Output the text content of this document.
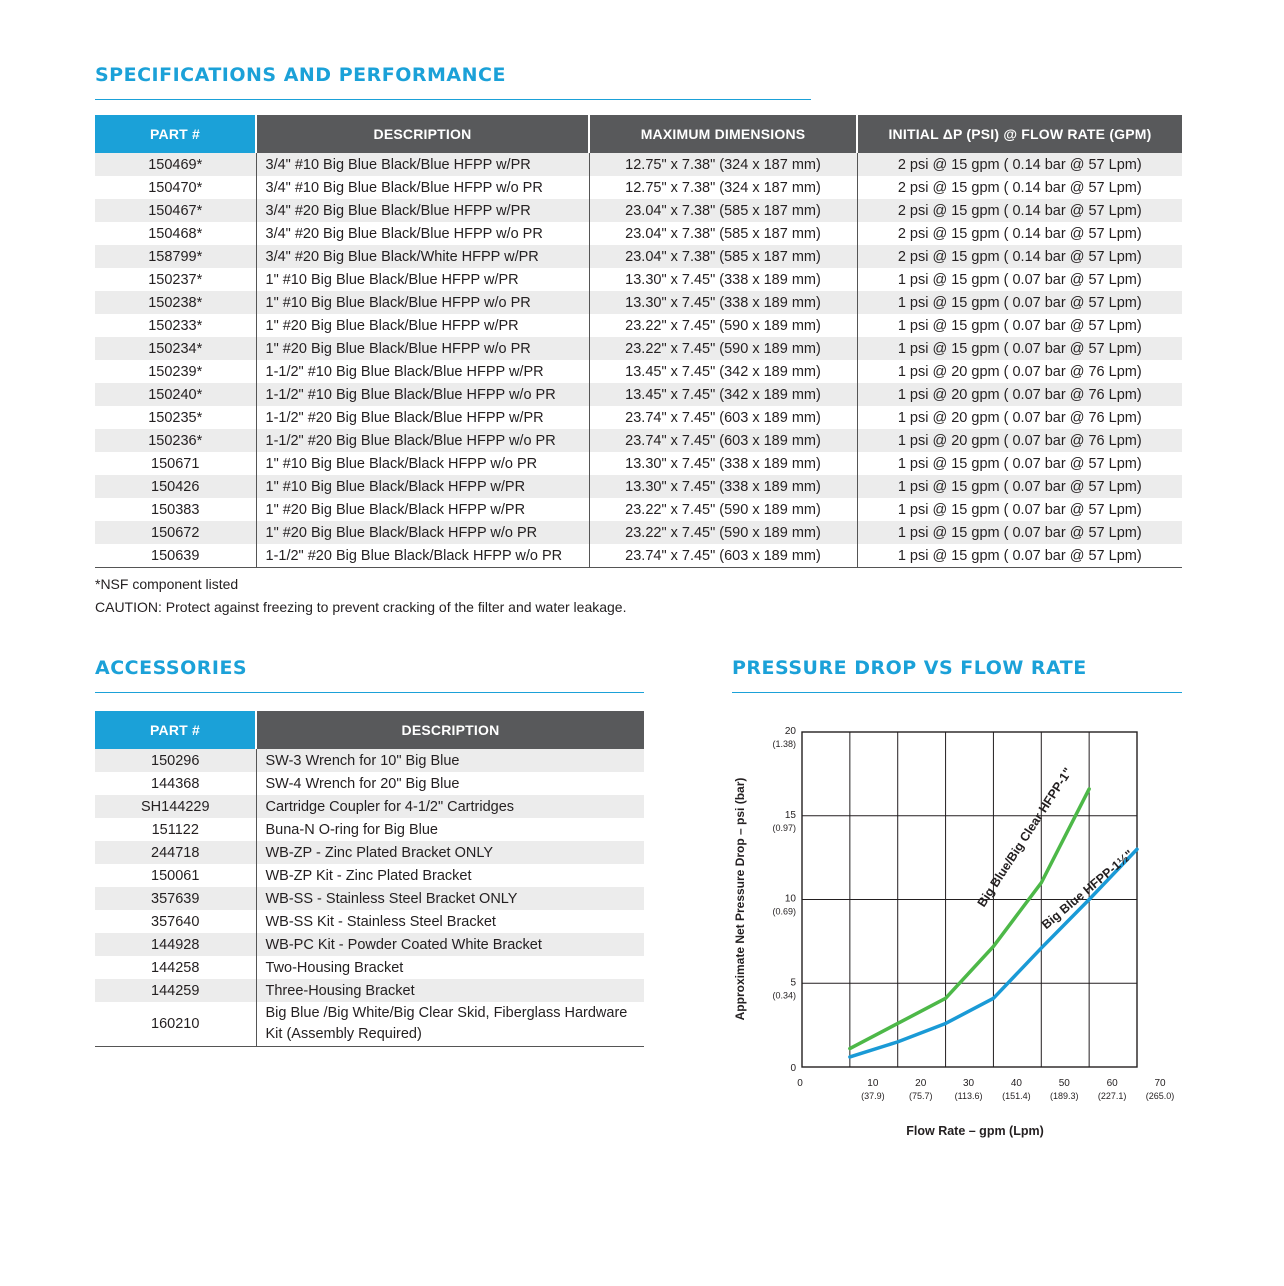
SPECIFICATIONS AND PERFORMANCE
PART #	DESCRIPTION	MAXIMUM DIMENSIONS	INITIAL ΔP (PSI) @ FLOW RATE (GPM)
150469*	3/4" #10 Big Blue Black/Blue HFPP w/PR	12.75" x 7.38" (324 x 187 mm)	2 psi @ 15 gpm ( 0.14 bar @ 57 Lpm)
150470*	3/4" #10 Big Blue Black/Blue HFPP w/o PR	12.75" x 7.38" (324 x 187 mm)	2 psi @ 15 gpm ( 0.14 bar @ 57 Lpm)
150467*	3/4" #20 Big Blue Black/Blue HFPP w/PR	23.04" x 7.38" (585 x 187 mm)	2 psi @ 15 gpm ( 0.14 bar @ 57 Lpm)
150468*	3/4" #20 Big Blue Black/Blue HFPP w/o PR	23.04" x 7.38" (585 x 187 mm)	2 psi @ 15 gpm ( 0.14 bar @ 57 Lpm)
158799*	3/4" #20 Big Blue Black/White HFPP w/PR	23.04" x 7.38" (585 x 187 mm)	2 psi @ 15 gpm ( 0.14 bar @ 57 Lpm)
150237*	1" #10 Big Blue Black/Blue HFPP w/PR	13.30" x 7.45" (338 x 189 mm)	1 psi @ 15 gpm ( 0.07 bar @ 57 Lpm)
150238*	1" #10 Big Blue Black/Blue HFPP w/o PR	13.30" x 7.45" (338 x 189 mm)	1 psi @ 15 gpm ( 0.07 bar @ 57 Lpm)
150233*	1" #20 Big Blue Black/Blue HFPP w/PR	23.22" x 7.45" (590 x 189 mm)	1 psi @ 15 gpm ( 0.07 bar @ 57 Lpm)
150234*	1" #20 Big Blue Black/Blue HFPP w/o PR	23.22" x 7.45" (590 x 189 mm)	1 psi @ 15 gpm ( 0.07 bar @ 57 Lpm)
150239*	1-1/2" #10 Big Blue Black/Blue HFPP w/PR	13.45" x 7.45" (342 x 189 mm)	1 psi @ 20 gpm ( 0.07 bar @ 76 Lpm)
150240*	1-1/2" #10 Big Blue Black/Blue HFPP w/o PR	13.45" x 7.45" (342 x 189 mm)	1 psi @ 20 gpm ( 0.07 bar @ 76 Lpm)
150235*	1-1/2" #20 Big Blue Black/Blue HFPP w/PR	23.74" x 7.45" (603 x 189 mm)	1 psi @ 20 gpm ( 0.07 bar @ 76 Lpm)
150236*	1-1/2" #20 Big Blue Black/Blue HFPP w/o PR	23.74" x 7.45" (603 x 189 mm)	1 psi @ 20 gpm ( 0.07 bar @ 76 Lpm)
150671	1" #10 Big Blue Black/Black HFPP w/o PR	13.30" x 7.45" (338 x 189 mm)	1 psi @ 15 gpm ( 0.07 bar @ 57 Lpm)
150426	1" #10 Big Blue Black/Black HFPP w/PR	13.30" x 7.45" (338 x 189 mm)	1 psi @ 15 gpm ( 0.07 bar @ 57 Lpm)
150383	1" #20 Big Blue Black/Black HFPP w/PR	23.22" x 7.45" (590 x 189 mm)	1 psi @ 15 gpm ( 0.07 bar @ 57 Lpm)
150672	1" #20 Big Blue Black/Black HFPP w/o PR	23.22" x 7.45" (590 x 189 mm)	1 psi @ 15 gpm ( 0.07 bar @ 57 Lpm)
150639	1-1/2" #20 Big Blue Black/Black HFPP w/o PR	23.74" x 7.45" (603 x 189 mm)	1 psi @ 15 gpm ( 0.07 bar @ 57 Lpm)

*NSF component listed

CAUTION: Protect against freezing to prevent cracking of the filter and water leakage.

ACCESSORIES
PART #	DESCRIPTION
150296	SW-3 Wrench for 10" Big Blue
144368	SW-4 Wrench for 20" Big Blue
SH144229	Cartridge Coupler for 4-1/2" Cartridges
151122	Buna-N O-ring for Big Blue
244718	WB-ZP - Zinc Plated Bracket ONLY
150061	WB-ZP Kit - Zinc Plated Bracket
357639	WB-SS - Stainless Steel Bracket ONLY
357640	WB-SS Kit - Stainless Steel Bracket
144928	WB-PC Kit - Powder Coated White Bracket
144258	Two-Housing Bracket
144259	Three-Housing Bracket
160210	Big Blue /Big White/Big Clear Skid, Fiberglass Hardware Kit (Assembly Required)
PRESSURE DROP VS FLOW RATE
0	10
(37.9)
20
(75.7)
30
(113.6)
40
(151.4)
50
(189.3)
60
(227.1)
70
(265.0)
0
5
(0.34)
10
(0.69)
15
(0.97)
20
(1.38)
Big Blue/Big Clear HFPP-1"
Big Blue HFPP-1½"
Flow Rate – gpm (Lpm)
Approximate Net Pressure Drop – psi (bar)
